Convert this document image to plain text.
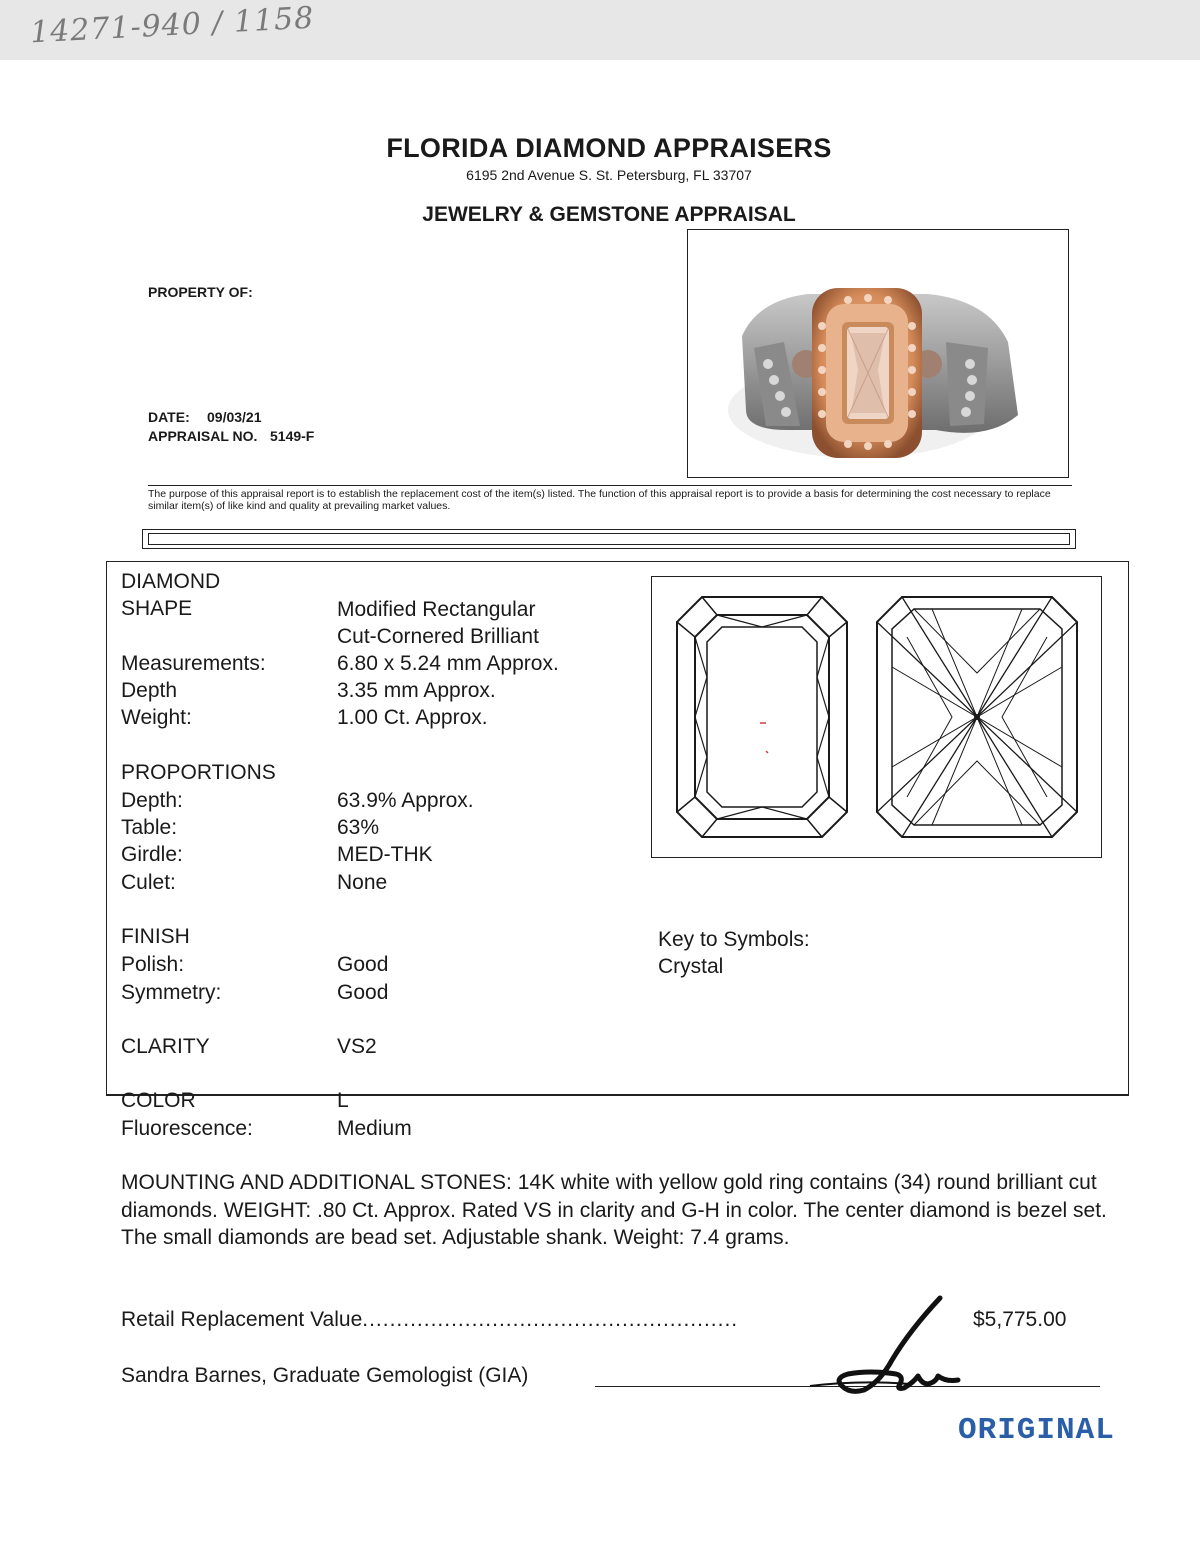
14271-940 / 1158
FLORIDA DIAMOND APPRAISERS
6195 2nd Avenue S. St. Petersburg, FL 33707
JEWELRY & GEMSTONE APPRAISAL
PROPERTY OF:
DATE: 09/03/21
APPRAISAL NO. 5149-F
The purpose of this appraisal report is to establish the replacement cost of the item(s) listed. The function of this appraisal report is to provide a basis for determining the cost necessary to replace similar item(s) of like kind and quality at prevailing market values.
DIAMOND
SHAPE	Modified Rectangular
Cut-Cornered Brilliant
Measurements:	6.80 x 5.24 mm Approx.
Depth	3.35 mm Approx.
Weight:	1.00 Ct. Approx.
PROPORTIONS
Depth:	63.9% Approx.
Table:	63%
Girdle:	MED-THK
Culet:	None
FINISH
Polish:	Good
Symmetry:	Good
CLARITY	VS2
COLOR	L
Fluorescence:	Medium
Key to Symbols:
Crystal
MOUNTING AND ADDITIONAL STONES: 14K white with yellow gold ring contains (34) round brilliant cut diamonds. WEIGHT: .80 Ct. Approx. Rated VS in clarity and G-H in color. The center diamond is bezel set. The small diamonds are bead set. Adjustable shank. Weight: 7.4 grams.
Retail Replacement Value.......................................................	$5,775.00
Sandra Barnes, Graduate Gemologist (GIA)
ORIGINAL
